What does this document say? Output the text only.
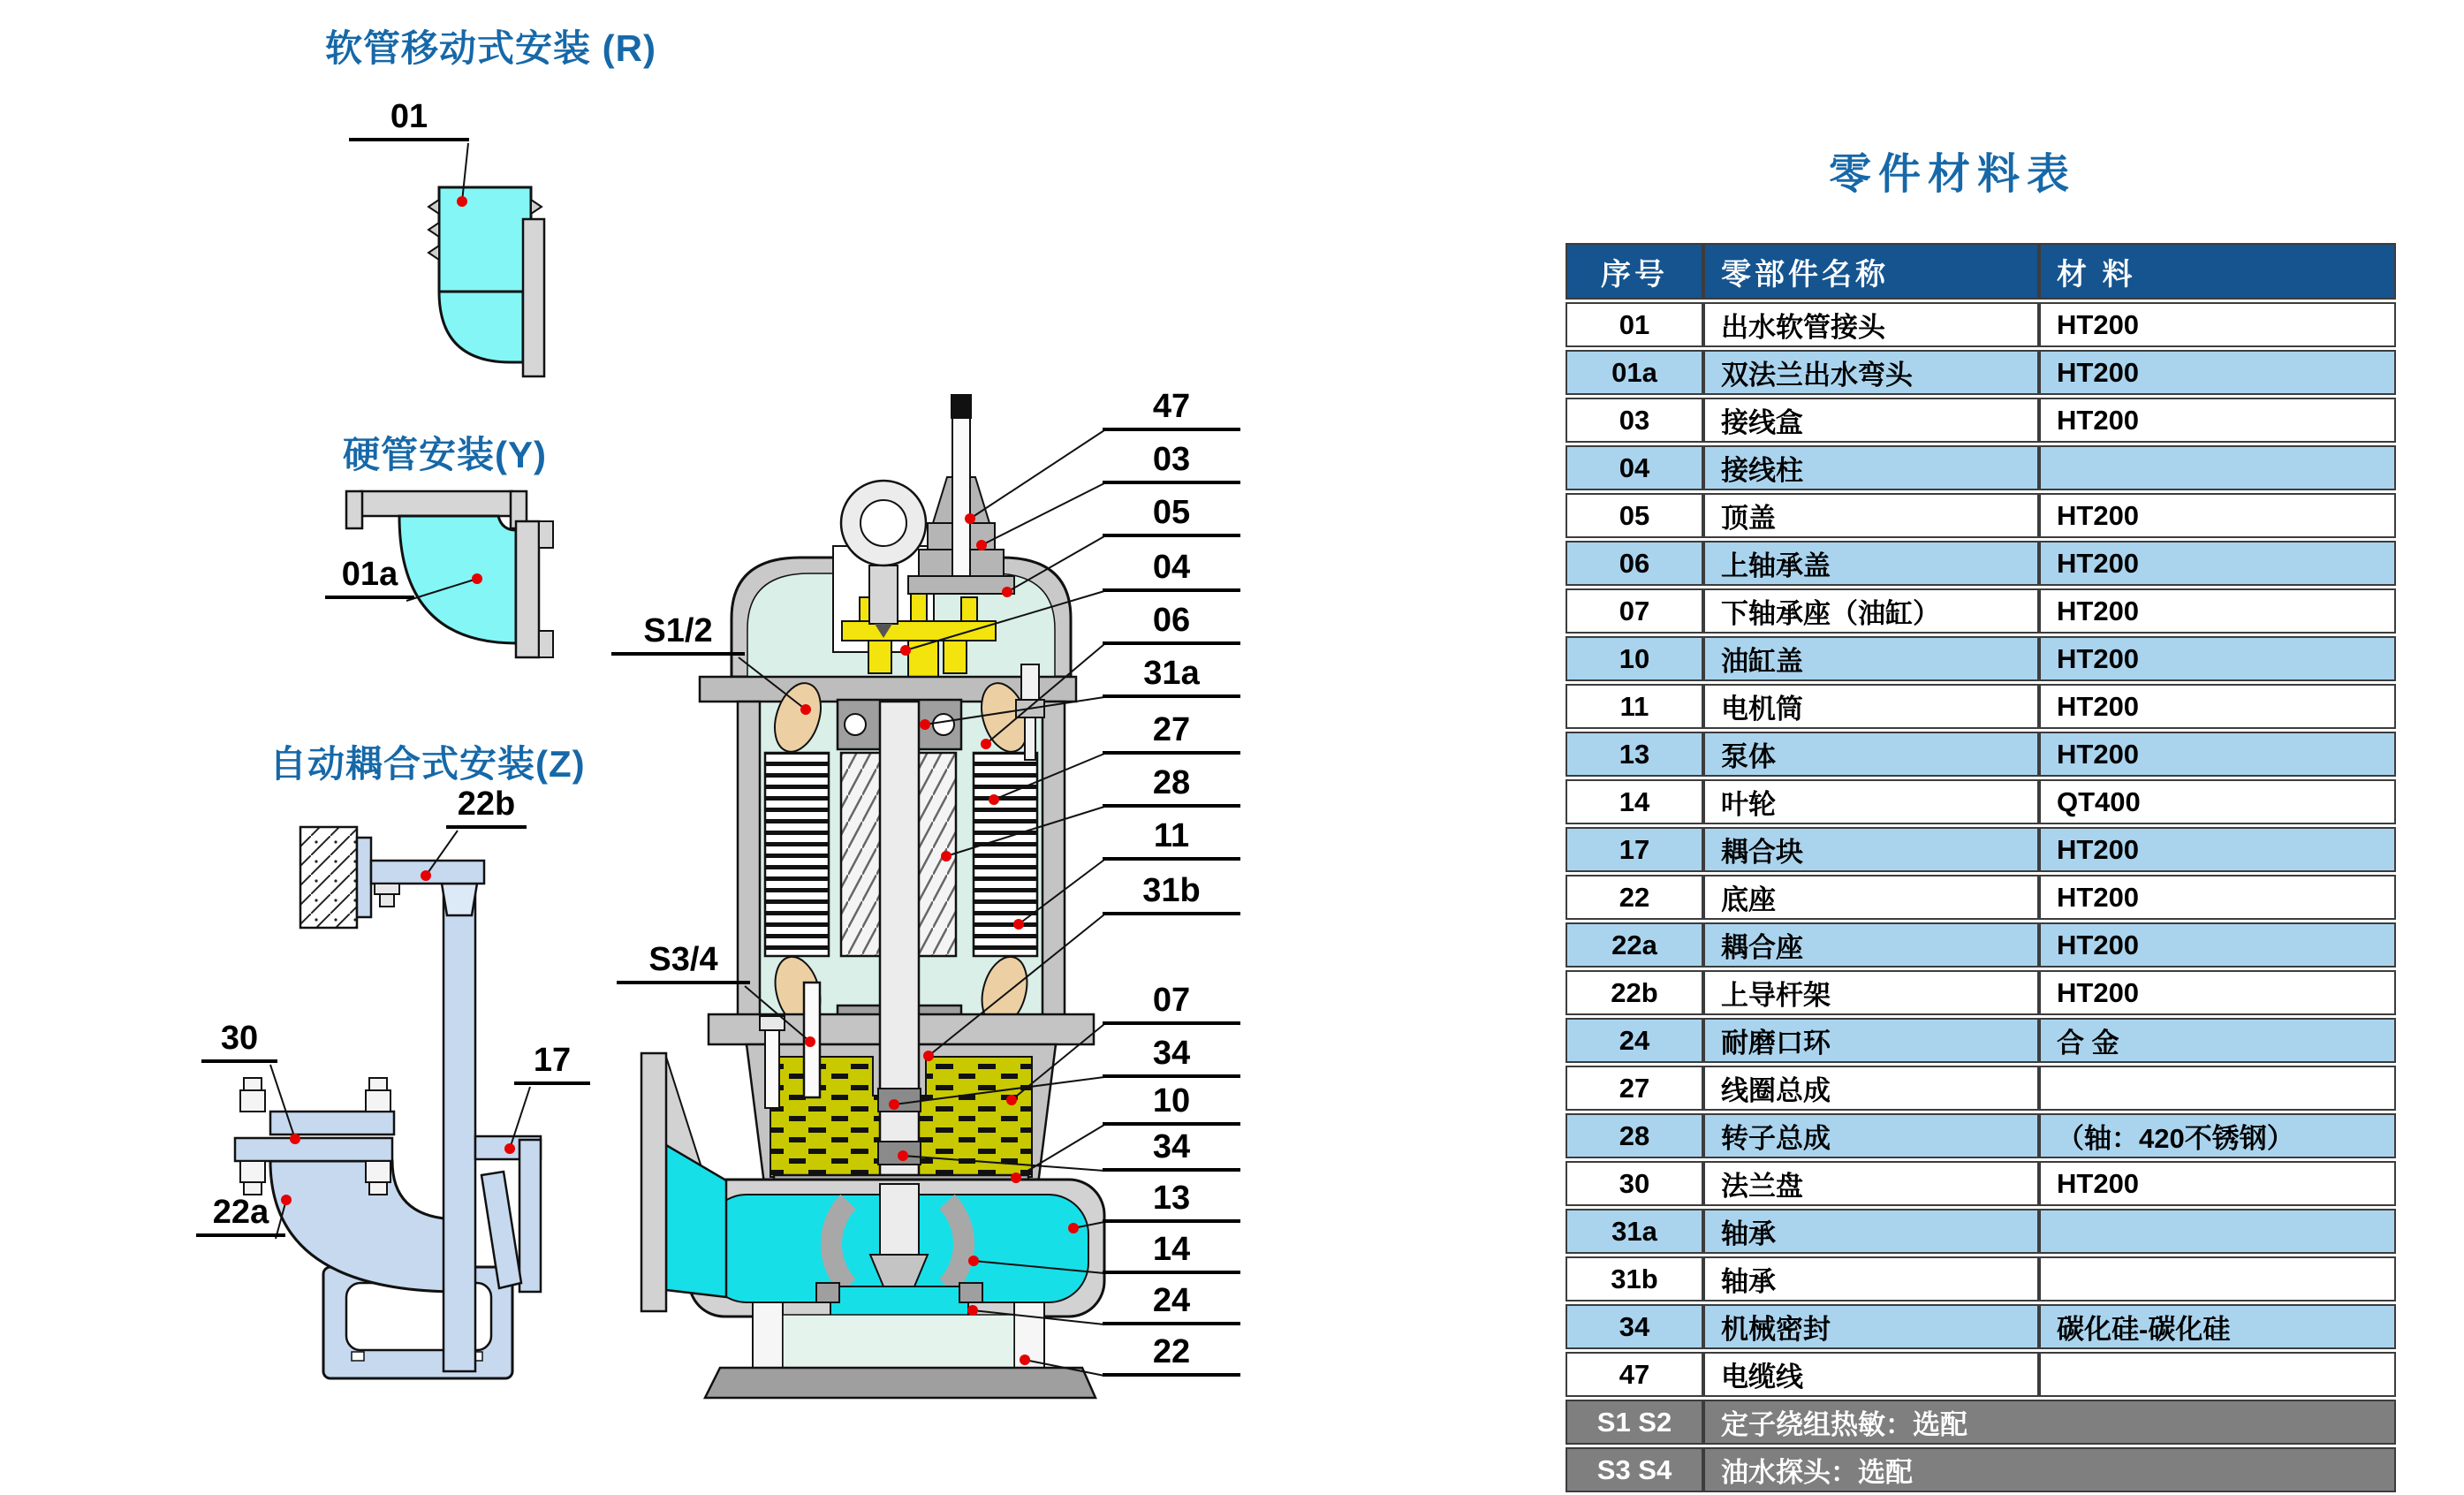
软管移动式安装 (R)
硬管安装(Y)
自动耦合式安装(Z)
01
01a
22b
30
17
22a
S1/2
S3/4
47
03
05
04
06
31a
27
28
11
31b
07
34
10
34
13
14
24
22
零件材料表
序号	零部件名称	材 料
01	出水软管接头	HT200
01a	双法兰出水弯头	HT200
03	接线盒	HT200
04	接线柱	
05	顶盖	HT200
06	上轴承盖	HT200
07	下轴承座（油缸）	HT200
10	油缸盖	HT200
11	电机筒	HT200
13	泵体	HT200
14	叶轮	QT400
17	耦合块	HT200
22	底座	HT200
22a	耦合座	HT200
22b	上导杆架	HT200
24	耐磨口环	合 金
27	线圈总成	
28	转子总成	（轴：420不锈钢）
30	法兰盘	HT200
31a	轴承	
31b	轴承	
34	机械密封	碳化硅-碳化硅
47	电缆线	
S1 S2	定子绕组热敏：选配	
S3 S4	油水探头：选配	
